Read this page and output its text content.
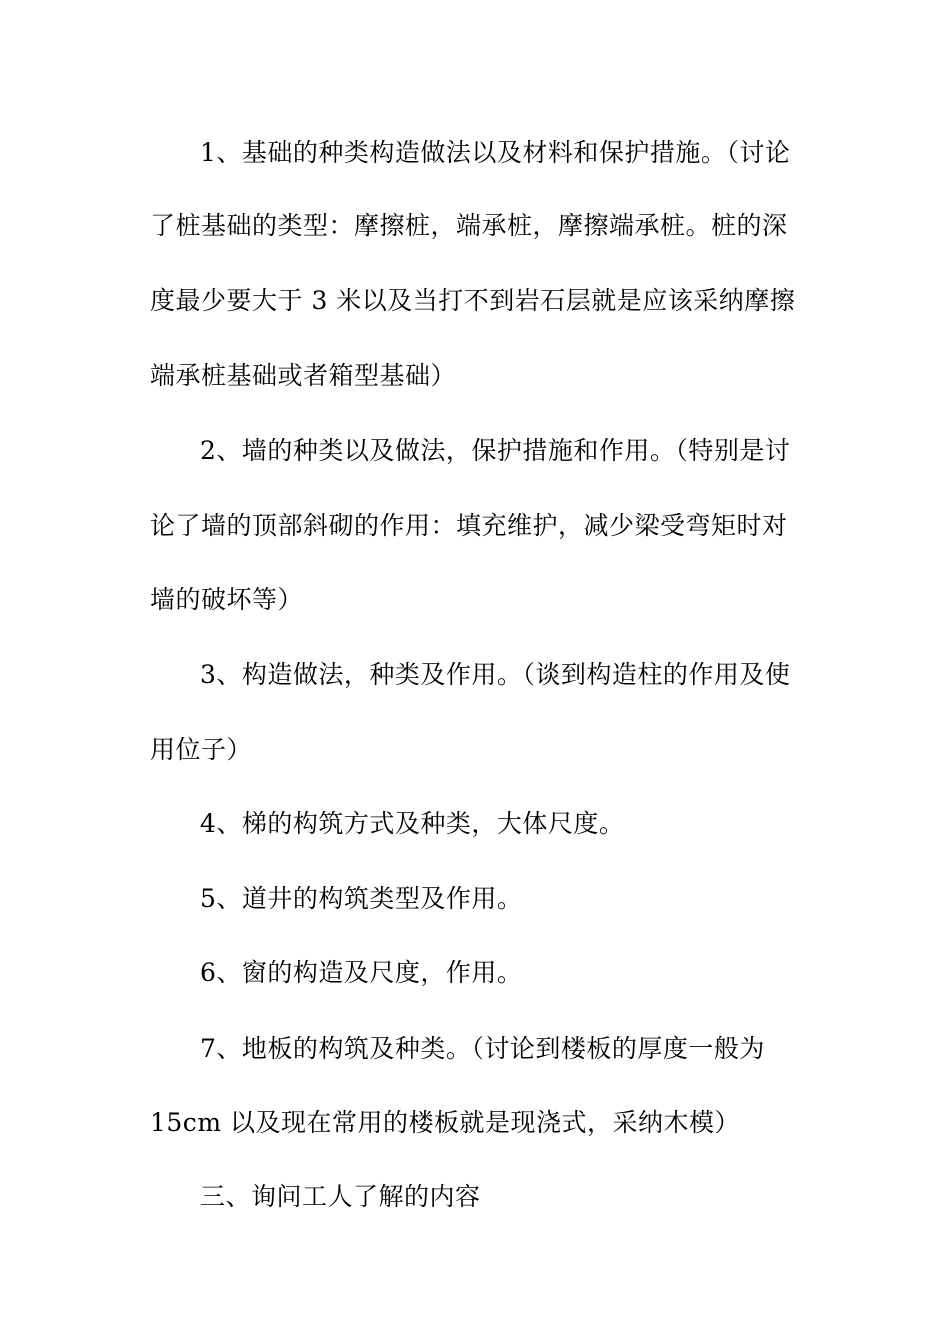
1、基础的种类构造做法以及材料和保护措施。（讨论
了桩基础的类型：摩擦桩，端承桩，摩擦端承桩。桩的深
度最少要大于 3 米以及当打不到岩石层就是应该采纳摩擦
端承桩基础或者箱型基础）
2、墙的种类以及做法，保护措施和作用。（特别是讨
论了墙的顶部斜砌的作用：填充维护，减少梁受弯矩时对
墙的破坏等）
3、构造做法，种类及作用。（谈到构造柱的作用及使
用位子）
4、梯的构筑方式及种类，大体尺度。
5、道井的构筑类型及作用。
6、窗的构造及尺度，作用。
7、地板的构筑及种类。（讨论到楼板的厚度一般为
15cm 以及现在常用的楼板就是现浇式，采纳木模）
三、询问工人了解的内容
